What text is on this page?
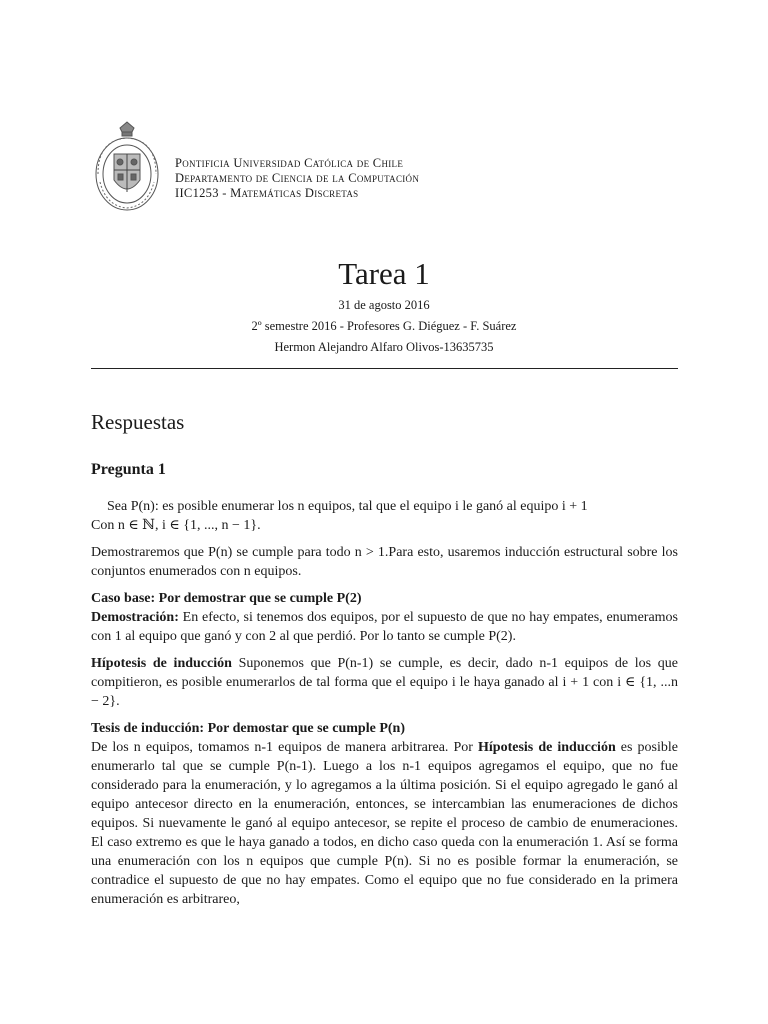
Pontificia Universidad Católica de Chile
Departamento de Ciencia de la Computación
IIC1253 - Matemáticas Discretas
Tarea 1
31 de agosto 2016
2º semestre 2016 - Profesores G. Diéguez - F. Suárez
Hermon Alejandro Alfaro Olivos-13635735
Respuestas
Pregunta 1

Sea P(n): es posible enumerar los n equipos, tal que el equipo i le ganó al equipo i + 1
Con n ∈ ℕ, i ∈ {1, ..., n − 1}.

Demostraremos que P(n) se cumple para todo n > 1.Para esto, usaremos inducción estructural sobre los conjuntos enumerados con n equipos.

Caso base: Por demostrar que se cumple P(2)

Demostración: En efecto, si tenemos dos equipos, por el supuesto de que no hay empates, enumeramos con 1 al equipo que ganó y con 2 al que perdió. Por lo tanto se cumple P(2).

Hípotesis de inducción Suponemos que P(n-1) se cumple, es decir, dado n-1 equipos de los que compitieron, es posible enumerarlos de tal forma que el equipo i le haya ganado al i + 1 con i ∈ {1, ...n − 2}.

Tesis de inducción: Por demostar que se cumple P(n)

De los n equipos, tomamos n-1 equipos de manera arbitrarea. Por Hípotesis de inducción es posible enumerarlo tal que se cumple P(n-1). Luego a los n-1 equipos agregamos el equipo, que no fue considerado para la enumeración, y lo agregamos a la última posición. Si el equipo agregado le ganó al equipo antecesor directo en la enumeración, entonces, se intercambian las enumeraciones de dichos equipos. Si nuevamente le ganó al equipo antecesor, se repite el proceso de cambio de enumeraciones. El caso extremo es que le haya ganado a todos, en dicho caso queda con la enumeración 1. Así se forma una enumeración con los n equipos que cumple P(n). Si no es posible formar la enumeración, se contradice el supuesto de que no hay empates. Como el equipo que no fue considerado en la primera enumeración es arbitrareo,
